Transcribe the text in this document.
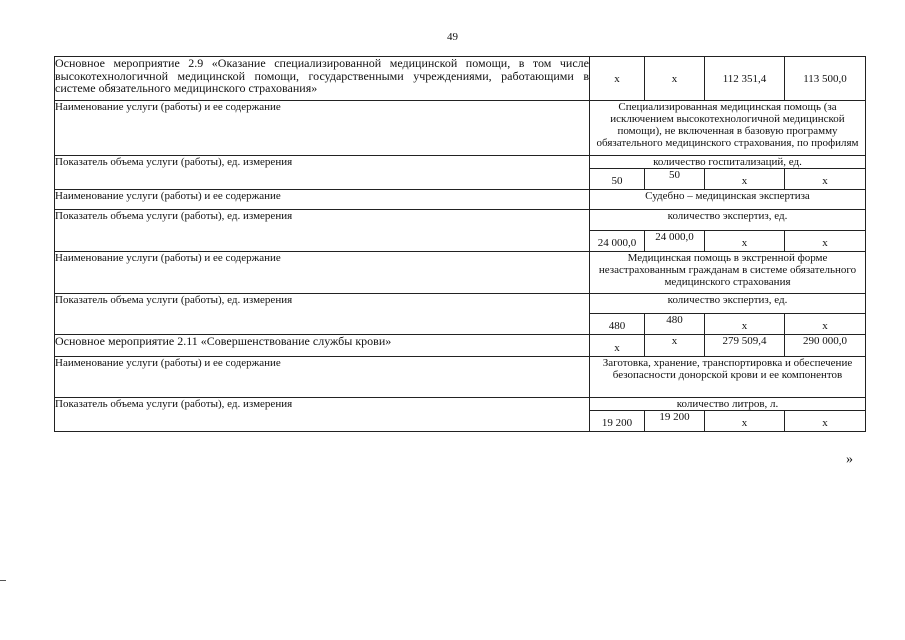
49
Основное мероприятие 2.9 «Оказание специализированной медицинской помощи, в том числе высокотехнологичной медицинской помощи, государственными учреждениями, работающими в системе обязательного медицинского страхования»	х	х	112 351,4	113 500,0
Наименование услуги (работы) и ее содержание	Специализированная медицинская помощь (за исключением высокотехнологичной медицинской помощи), не включенная в базовую программу обязательного медицинского страхования, по профилям			
Показатель объема услуги (работы), ед. измерения	количество госпитализаций, ед.			
	50	50	х	х
Наименование услуги (работы) и ее содержание	Судебно – медицинская экспертиза			
Показатель объема услуги (работы), ед. измерения	количество экспертиз, ед.			
	24 000,0	24 000,0	х	х
Наименование услуги (работы) и ее содержание	Медицинская помощь в экстренной форме незастрахованным гражданам в системе обязательного медицинского страхования			
Показатель объема услуги (работы), ед. измерения	количество экспертиз, ед.			
	480	480	х	х
Основное мероприятие 2.11 «Совершенствование службы крови»	х	х	279 509,4	290 000,0
Наименование услуги (работы) и ее содержание	Заготовка, хранение, транспортировка и обеспечение безопасности донорской крови и ее компонентов			
Показатель объема услуги (работы), ед. измерения	количество литров, л.			
	19 200	19 200	х	х
»
